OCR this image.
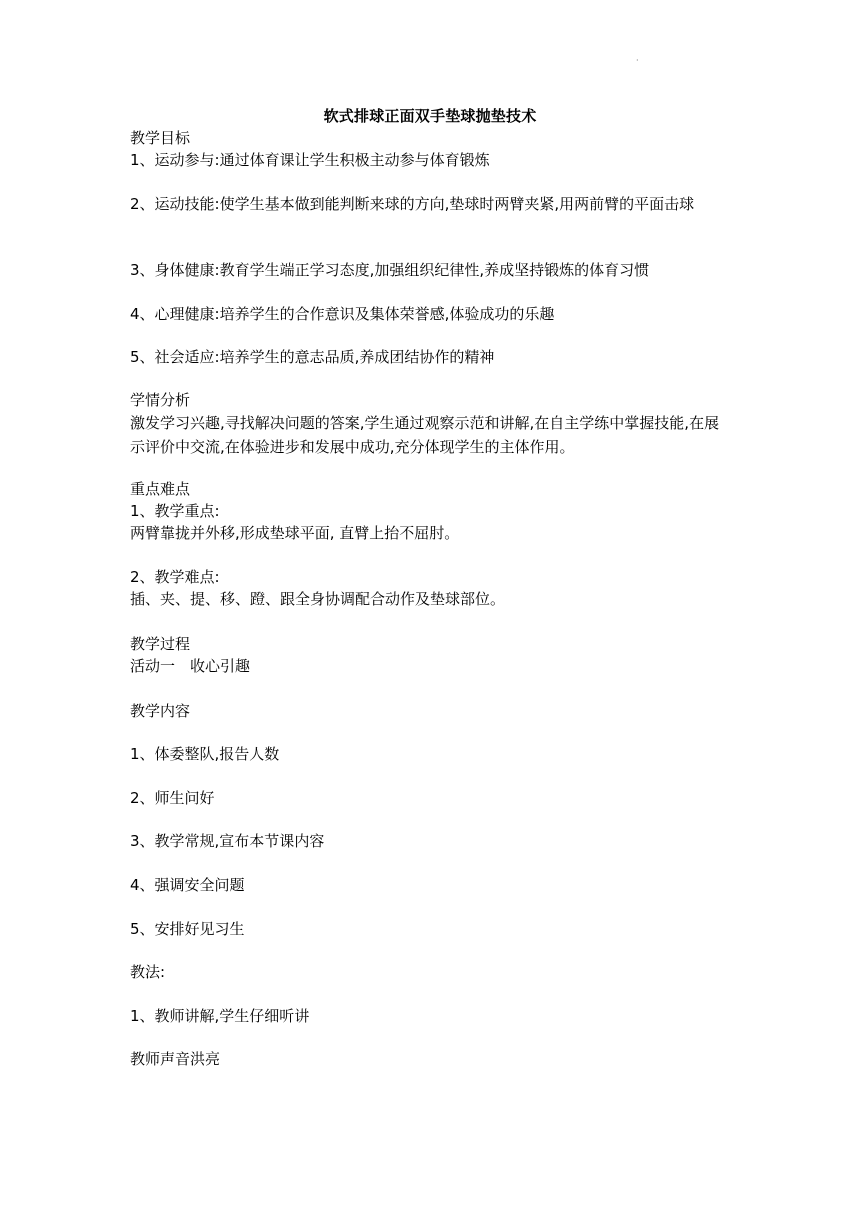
·
软式排球正面双手垫球抛垫技术
教学目标
1、运动参与:通过体育课让学生积极主动参与体育锻炼
2、运动技能:使学生基本做到能判断来球的方向,垫球时两臂夹紧,用两前臂的平面击球
3、身体健康:教育学生端正学习态度,加强组织纪律性,养成坚持锻炼的体育习惯
4、心理健康:培养学生的合作意识及集体荣誉感,体验成功的乐趣
5、社会适应:培养学生的意志品质,养成团结协作的精神
学情分析
激发学习兴趣,寻找解决问题的答案,学生通过观察示范和讲解,在自主学练中掌握技能,在展示评价中交流,在体验进步和发展中成功,充分体现学生的主体作用。
重点难点
1、教学重点:
两臂靠拢并外移,形成垫球平面, 直臂上抬不屈肘。
2、教学难点:
插、夹、提、移、蹬、跟全身协调配合动作及垫球部位。
教学过程
活动一　收心引趣
教学内容
1、体委整队,报告人数
2、师生问好
3、教学常规,宣布本节课内容
4、强调安全问题
5、安排好见习生
教法:
1、教师讲解,学生仔细听讲
教师声音洪亮
